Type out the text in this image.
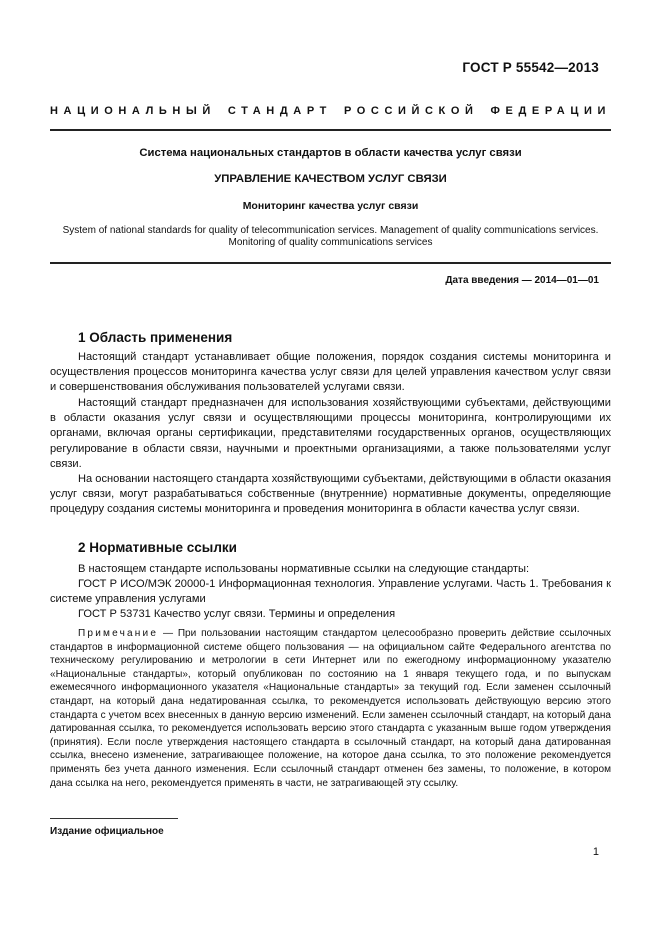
ГОСТ Р 55542—2013
НАЦИОНАЛЬНЫЙ СТАНДАРТ РОССИЙСКОЙ ФЕДЕРАЦИИ
Система национальных стандартов в области качества услуг связи
УПРАВЛЕНИЕ КАЧЕСТВОМ УСЛУГ СВЯЗИ
Мониторинг качества услуг связи
System of national standards for quality of telecommunication services. Management of quality communications services.
Monitoring of quality communications services
Дата введения — 2014—01—01
1 Область применения

Настоящий стандарт устанавливает общие положения, порядок создания системы мониторинга и осуществления процессов мониторинга качества услуг связи для целей управления качеством услуг связи и совершенствования обслуживания пользователей услугами связи.

Настоящий стандарт предназначен для использования хозяйствующими субъектами, действующими в области оказания услуг связи и осуществляющими процессы мониторинга, контролирующими их органами, включая органы сертификации, представителями государственных органов, осуществляющих регулирование в области связи, научными и проектными организациями, а также пользователями услуг связи.

На основании настоящего стандарта хозяйствующими субъектами, действующими в области оказания услуг связи, могут разрабатываться собственные (внутренние) нормативные документы, определяющие процедуру создания системы мониторинга и проведения мониторинга в области качества услуг связи.

2 Нормативные ссылки

В настоящем стандарте использованы нормативные ссылки на следующие стандарты:

ГОСТ Р ИСО/МЭК 20000-1 Информационная технология. Управление услугами. Часть 1. Требования к системе управления услугами

ГОСТ Р 53731 Качество услуг связи. Термины и определения

Примечание — При пользовании настоящим стандартом целесообразно проверить действие ссылочных стандартов в информационной системе общего пользования — на официальном сайте Федерального агентства по техническому регулированию и метрологии в сети Интернет или по ежегодному информационному указателю «Национальные стандарты», который опубликован по состоянию на 1 января текущего года, и по выпускам ежемесячного информационного указателя «Национальные стандарты» за текущий год. Если заменен ссылочный стандарт, на который дана недатированная ссылка, то рекомендуется использовать действующую версию этого стандарта с учетом всех внесенных в данную версию изменений. Если заменен ссылочный стандарт, на который дана датированная ссылка, то рекомендуется использовать версию этого стандарта с указанным выше годом утверждения (принятия). Если после утверждения настоящего стандарта в ссылочный стандарт, на который дана датированная ссылка, внесено изменение, затрагивающее положение, на которое дана ссылка, то это положение рекомендуется применять без учета данного изменения. Если ссылочный стандарт отменен без замены, то положение, в котором дана ссылка на него, рекомендуется применять в части, не затрагивающей эту ссылку.

Издание официальное
1
